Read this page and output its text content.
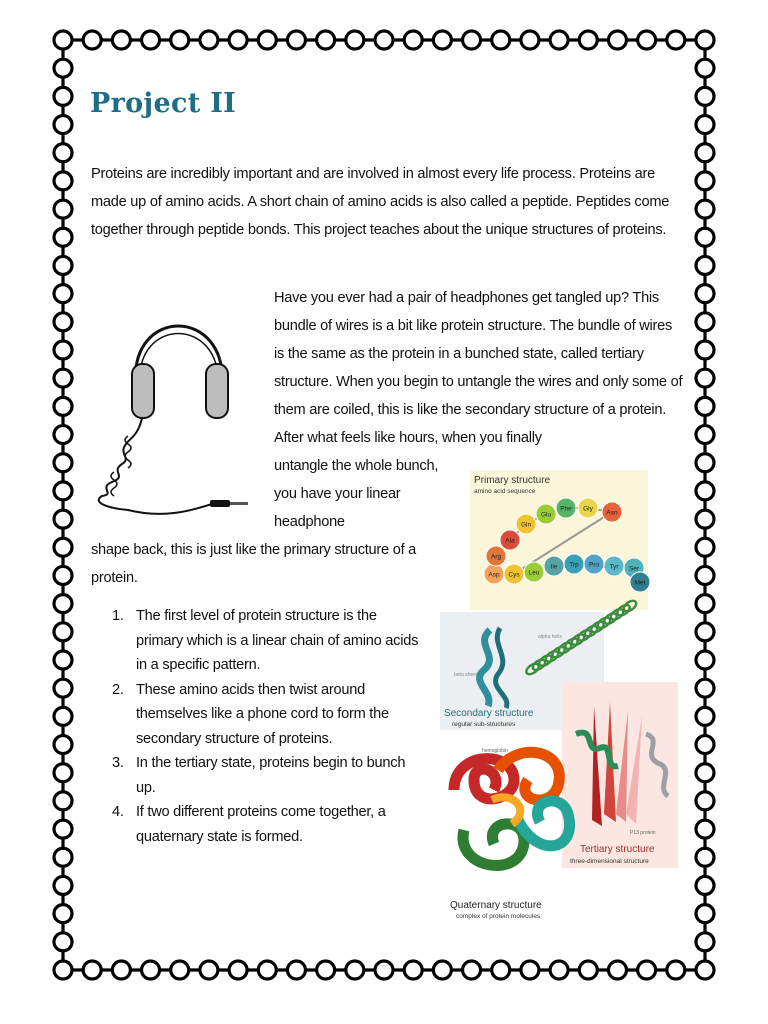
Project II

Proteins are incredibly important and are involved in almost every life process. Proteins are made up of amino acids. A short chain of amino acids is also called a peptide. Peptides come together through peptide bonds. This project teaches about the unique structures of proteins.

Have you ever had a pair of headphones get tangled up? This bundle of wires is a bit like protein structure. The bundle of wires is the same as the protein in a bunched state, called tertiary structure. When you begin to untangle the wires and only some of them are coiled, this is like the secondary structure of a protein. After what feels like hours, when you finally

untangle the whole bunch, you have your linear headphone

shape back, this is just like the primary structure of a protein.

1. The first level of protein structure is the primary which is a linear chain of amino acids in a specific pattern.
2. These amino acids then twist around themselves like a phone cord to form the secondary structure of proteins.
3. In the tertiary state, proteins begin to bunch up.
4. If two different proteins come together, a quaternary state is formed.
Primary structure
amino acid sequence
Asp
Arg
Ala
Gln
Glu
Phe Gly
Asn
Cys Leu
Ile Trp Pro Tyr Ser
Met
beta sheet
alpha helix
Secondary structure
regular sub-structures
P13 protein
Tertiary structure
three-dimensional structure
hemoglobin
Quaternary structure
complex of protein molecules
